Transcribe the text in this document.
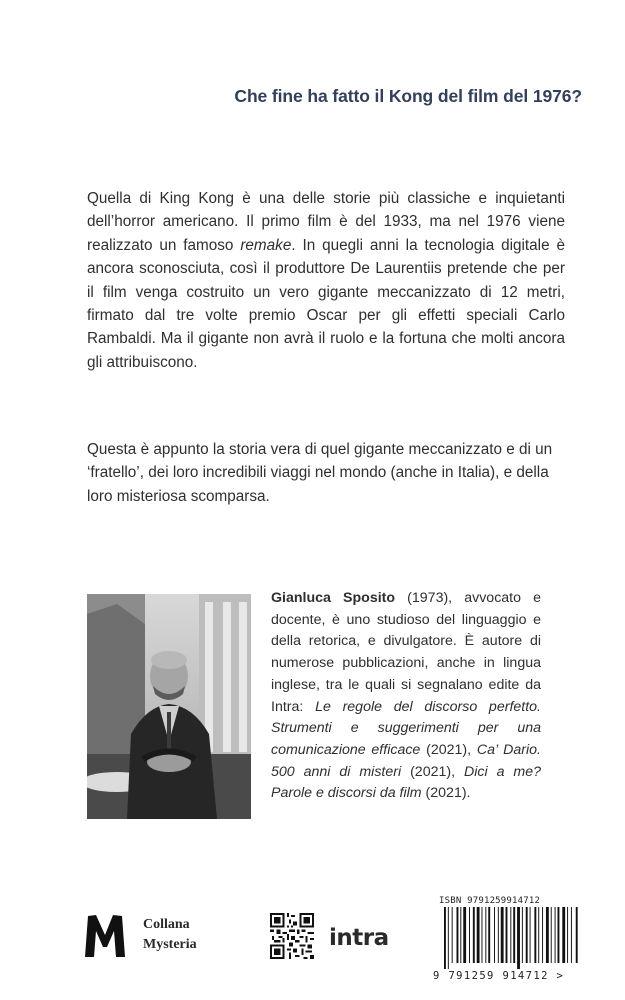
Che fine ha fatto il Kong del film del 1976?

Quella di King Kong è una delle storie più classiche e inquietanti dell’horror americano. Il primo film è del 1933, ma nel 1976 viene realizzato un famoso remake. In quegli anni la tecnologia digitale è ancora sconosciuta, così il produttore De Laurentiis pretende che per il film venga costruito un vero gigante meccanizzato di 12 metri, firmato dal tre volte premio Oscar per gli effetti speciali Carlo Rambaldi. Ma il gigante non avrà il ruolo e la fortuna che molti ancora gli attribuiscono.

Questa è appunto la storia vera di quel gigante meccanizzato e di un ‘fratello’, dei loro incredibili viaggi nel mondo (anche in Italia), e della loro misteriosa scomparsa.

Gianluca Sposito (1973), avvocato e docente, è uno studioso del linguaggio e della retorica, e divulgatore. È autore di numerose pubblicazioni, anche in lingua inglese, tra le quali si segnalano edite da Intra: Le regole del discorso perfetto. Strumenti e suggerimenti per una comunicazione efficace (2021), Ca’ Dario. 500 anni di misteri (2021), Dici a me? Parole e discorsi da film (2021).

Collana
Mysteria	intra
ISBN 9791259914712
9 791259 914712 >
